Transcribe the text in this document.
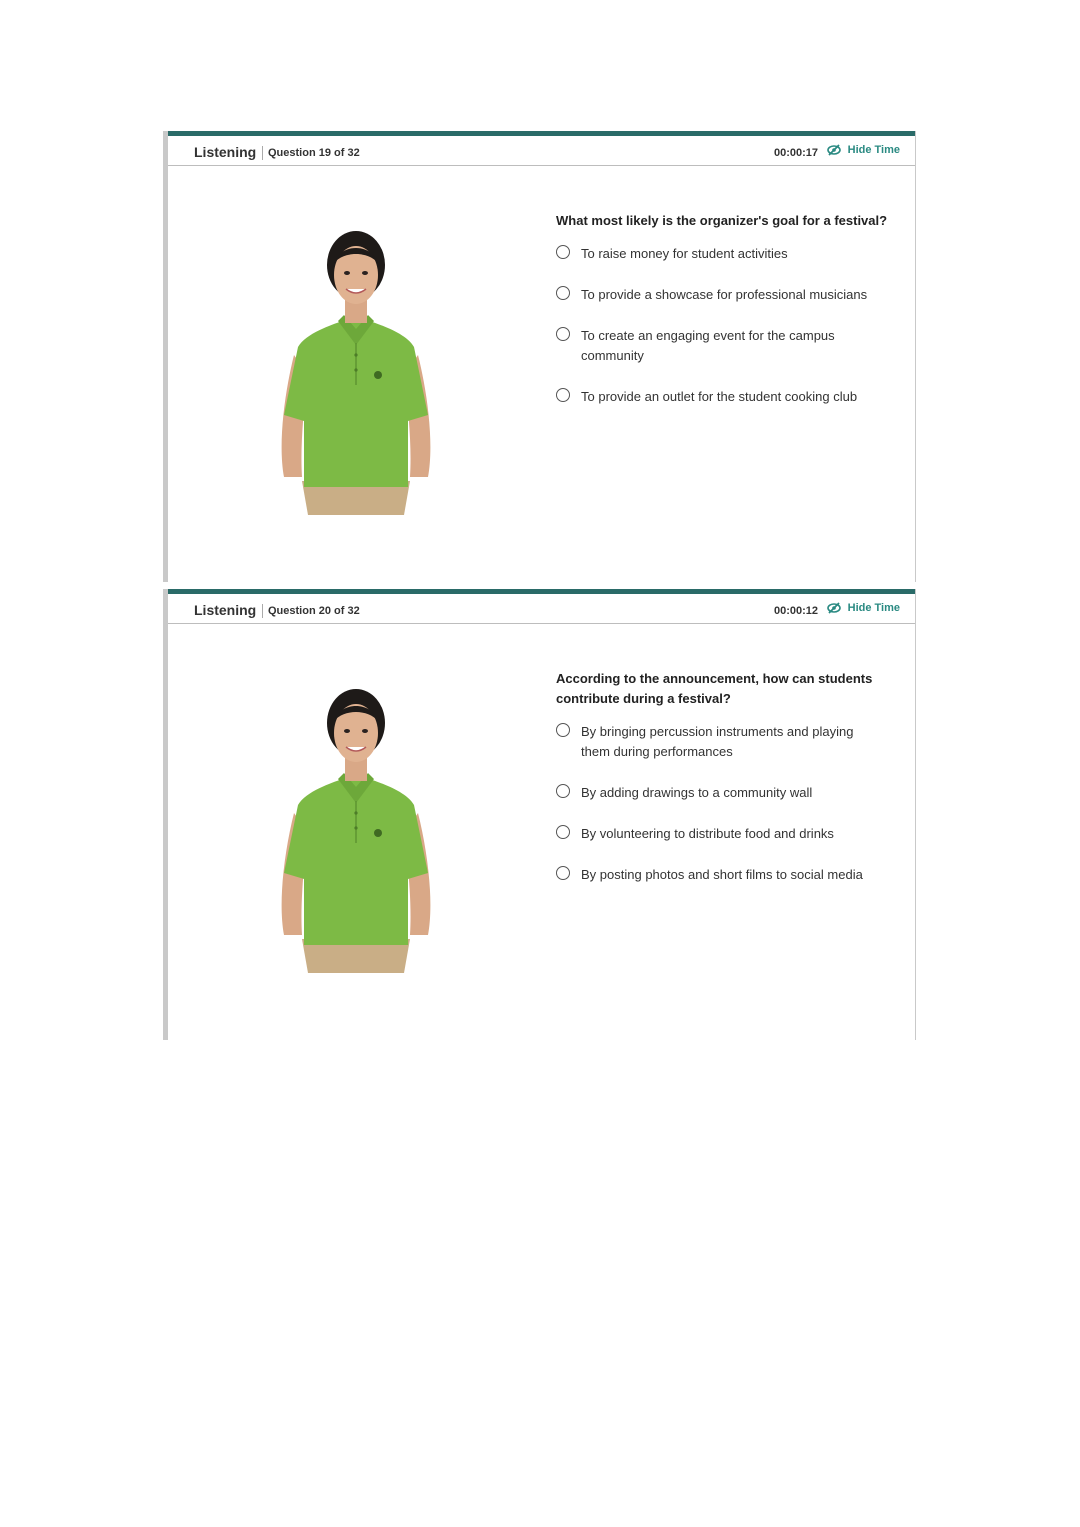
Listening Question 19 of 32	00:00:17	Hide Time
What most likely is the organizer's goal for a festival?
To raise money for student activities
To provide a showcase for professional musicians
To create an engaging event for the campus community
To provide an outlet for the student cooking club
Listening Question 20 of 32	00:00:12	Hide Time
According to the announcement, how can students contribute during a festival?
By bringing percussion instruments and playing them during performances
By adding drawings to a community wall
By volunteering to distribute food and drinks
By posting photos and short films to social media
